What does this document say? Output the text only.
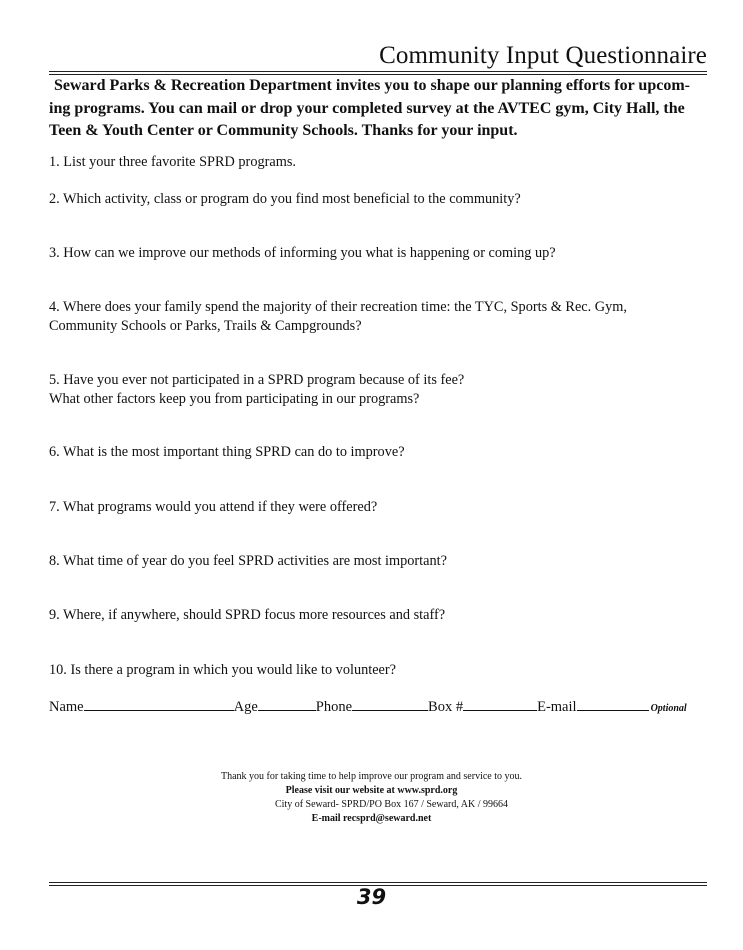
Community Input Questionnaire
Seward Parks & Recreation Department invites you to shape our planning efforts for upcom-
ing programs. You can mail or drop your completed survey at the AVTEC gym, City Hall, the
Teen & Youth Center or Community Schools. Thanks for your input.
1. List your three favorite SPRD programs.
2. Which activity, class or program do you find most beneficial to the community?
3. How can we improve our methods of informing you what is happening or coming up?
4. Where does your family spend the majority of their recreation time: the TYC, Sports & Rec. Gym,
Community Schools or Parks, Trails & Campgrounds?
5. Have you ever not participated in a SPRD program because of its fee?
What other factors keep you from participating in our programs?
6. What is the most important thing SPRD can do to improve?
7. What programs would you attend if they were offered?
8. What time of year do you feel SPRD activities are most important?
9. Where, if anywhere, should SPRD focus more resources and staff?
10. Is there a program in which you would like to volunteer?
Name	Age	Phone	Box #	E-mail	Optional
Thank you for taking time to help improve our program and service to you.
Please visit our website at www.sprd.org
City of Seward- SPRD/PO Box 167 / Seward, AK / 99664
E-mail recsprd@seward.net
39
